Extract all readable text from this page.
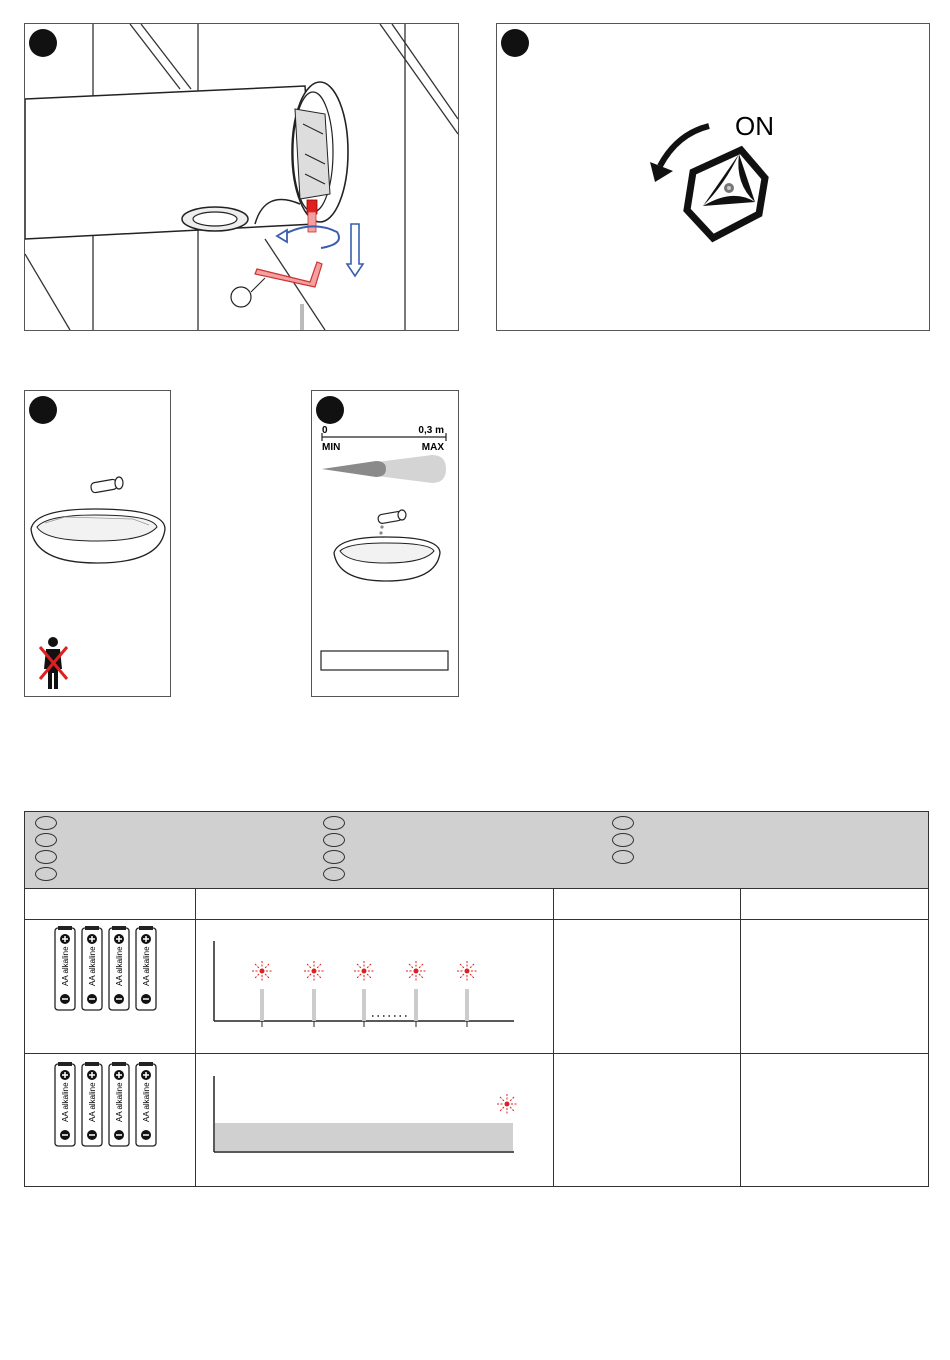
ON
0	0,3 m
MIN	MAX
AA alkaline AA alkaline AA alkaline AA alkaline
AA alkaline AA alkaline AA alkaline AA alkaline
